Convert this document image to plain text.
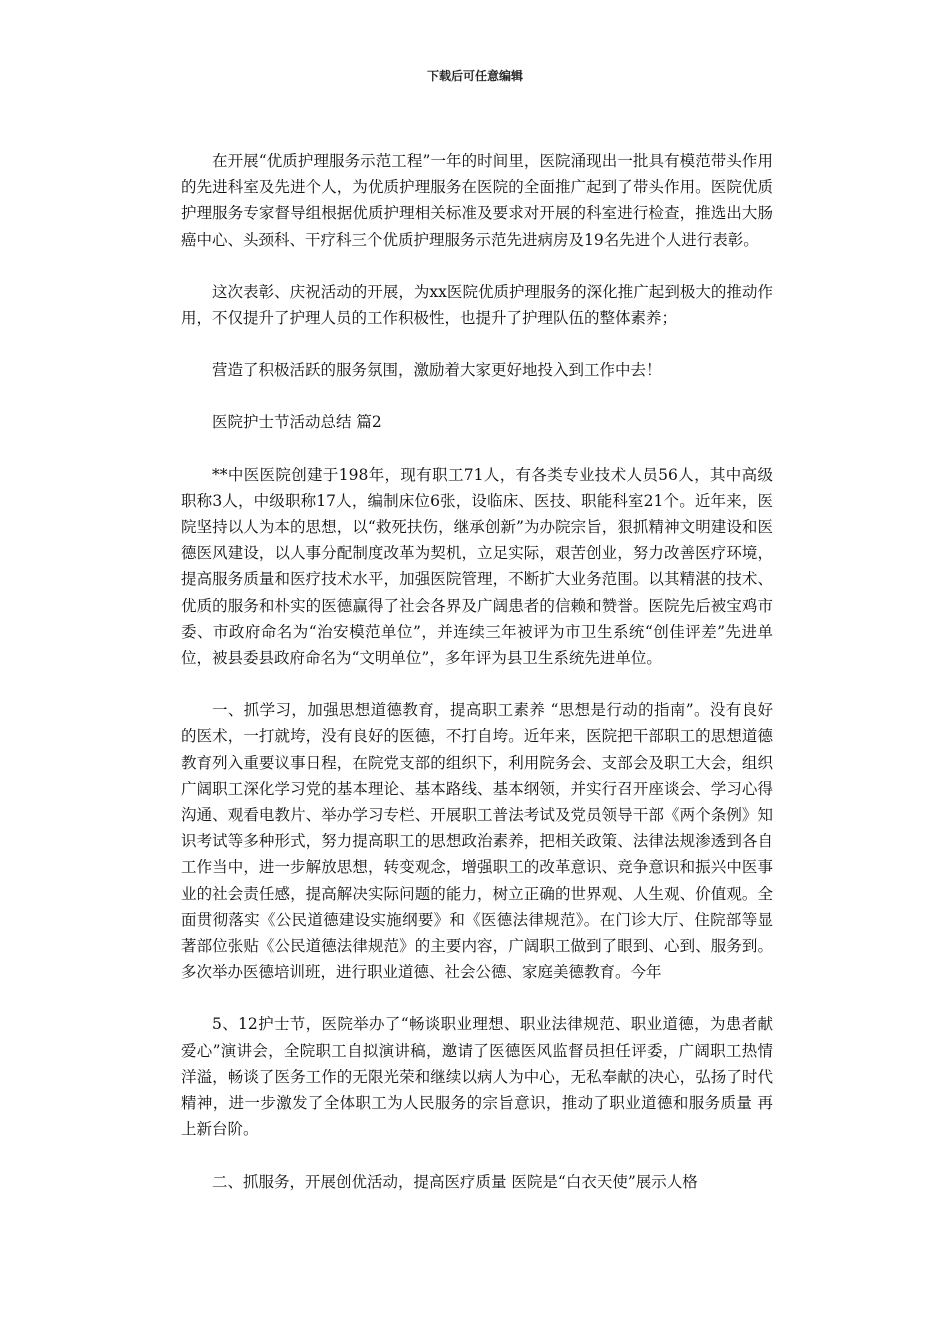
下载后可任意编辑

在开展“优质护理服务示范工程”一年的时间里，医院涌现出一批具有模范带头作用的先进科室及先进个人，为优质护理服务在医院的全面推广起到了带头作用。医院优质护理服务专家督导组根据优质护理相关标准及要求对开展的科室进行检查，推选出大肠癌中心、头颈科、干疗科三个优质护理服务示范先进病房及19名先进个人进行表彰。

这次表彰、庆祝活动的开展，为xx医院优质护理服务的深化推广起到极大的推动作用，不仅提升了护理人员的工作积极性，也提升了护理队伍的整体素养；

营造了积极活跃的服务氛围，激励着大家更好地投入到工作中去！

医院护士节活动总结 篇2

**中医医院创建于198年，现有职工71人，有各类专业技术人员56人，其中高级职称3人，中级职称17人，编制床位6张，设临床、医技、职能科室21个。近年来，医院坚持以人为本的思想，以“救死扶伤，继承创新”为办院宗旨，狠抓精神文明建设和医德医风建设，以人事分配制度改革为契机，立足实际，艰苦创业，努力改善医疗环境，提高服务质量和医疗技术水平，加强医院管理，不断扩大业务范围。以其精湛的技术、优质的服务和朴实的医德赢得了社会各界及广阔患者的信赖和赞誉。医院先后被宝鸡市委、市政府命名为“治安模范单位”，并连续三年被评为市卫生系统“创佳评差”先进单位，被县委县政府命名为“文明单位”，多年评为县卫生系统先进单位。

一、抓学习，加强思想道德教育，提高职工素养 “思想是行动的指南”。没有良好的医术，一打就垮，没有良好的医德，不打自垮。近年来，医院把干部职工的思想道德教育列入重要议事日程，在院党支部的组织下，利用院务会、支部会及职工大会，组织广阔职工深化学习党的基本理论、基本路线、基本纲领，并实行召开座谈会、学习心得沟通、观看电教片、举办学习专栏、开展职工普法考试及党员领导干部《两个条例》知识考试等多种形式，努力提高职工的思想政治素养，把相关政策、法律法规渗透到各自工作当中，进一步解放思想，转变观念，增强职工的改革意识、竞争意识和振兴中医事业的社会责任感，提高解决实际问题的能力，树立正确的世界观、人生观、价值观。全面贯彻落实《公民道德建设实施纲要》和《医德法律规范》。在门诊大厅、住院部等显著部位张贴《公民道德法律规范》的主要内容，广阔职工做到了眼到、心到、服务到。多次举办医德培训班，进行职业道德、社会公德、家庭美德教育。今年

5、12护士节，医院举办了“畅谈职业理想、职业法律规范、职业道德，为患者献爱心”演讲会，全院职工自拟演讲稿，邀请了医德医风监督员担任评委，广阔职工热情洋溢，畅谈了医务工作的无限光荣和继续以病人为中心，无私奉献的决心，弘扬了时代精神，进一步激发了全体职工为人民服务的宗旨意识，推动了职业道德和服务质量 再上新台阶。

二、抓服务，开展创优活动，提高医疗质量 医院是“白衣天使”展示人格
